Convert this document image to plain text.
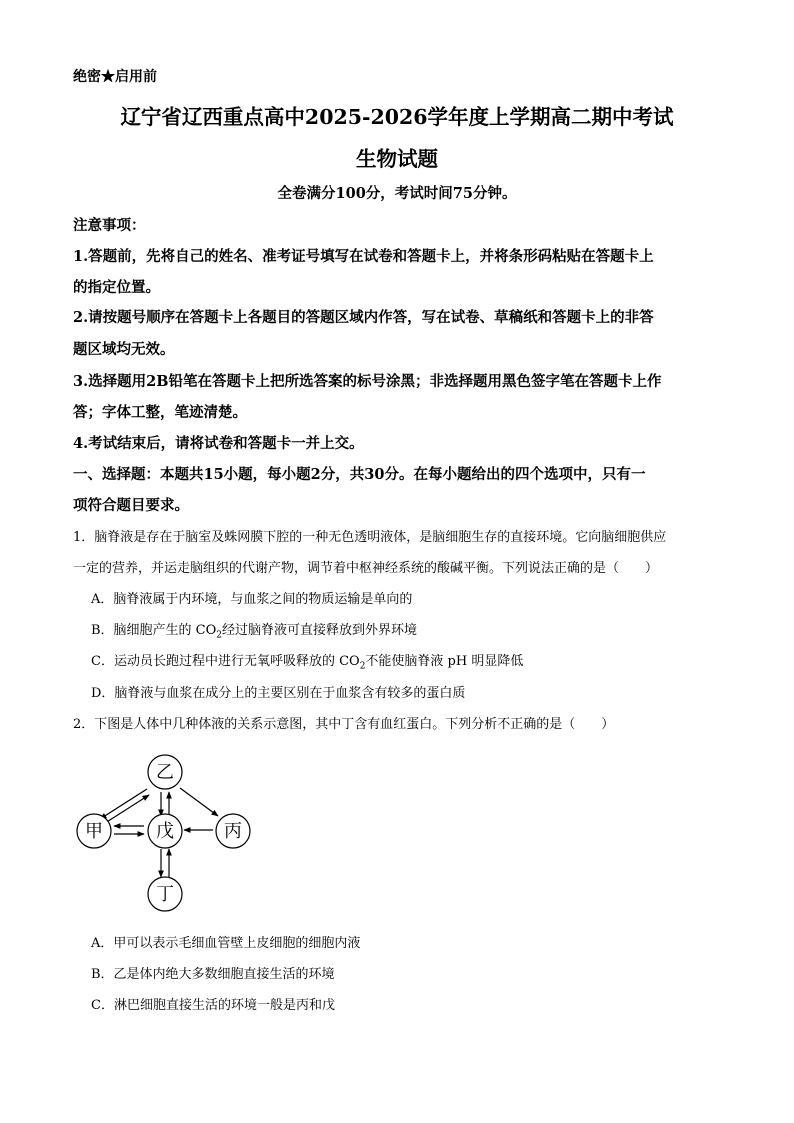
绝密★启用前
辽宁省辽西重点高中2025-2026学年度上学期高二期中考试
生物试题
全卷满分100分，考试时间75分钟。
注意事项：
1.答题前，先将自己的姓名、准考证号填写在试卷和答题卡上，并将条形码粘贴在答题卡上
的指定位置。
2.请按题号顺序在答题卡上各题目的答题区域内作答，写在试卷、草稿纸和答题卡上的非答
题区域均无效。
3.选择题用2B铅笔在答题卡上把所选答案的标号涂黑；非选择题用黑色签字笔在答题卡上作
答；字体工整，笔迹清楚。
4.考试结束后，请将试卷和答题卡一并上交。
一、选择题：本题共15小题，每小题2分，共30分。在每小题给出的四个选项中，只有一
项符合题目要求。
1．脑脊液是存在于脑室及蛛网膜下腔的一种无色透明液体，是脑细胞生存的直接环境。它向脑细胞供应
一定的营养，并运走脑组织的代谢产物，调节着中枢神经系统的酸碱平衡。下列说法正确的是（　　）
A．脑脊液属于内环境，与血浆之间的物质运输是单向的
B．脑细胞产生的 $CO_2$经过脑脊液可直接释放到外界环境
C．运动员长跑过程中进行无氧呼吸释放的 $CO_2$不能使脑脊液 pH 明显降低
D．脑脊液与血浆在成分上的主要区别在于血浆含有较多的蛋白质
2．下图是人体中几种体液的关系示意图，其中丁含有血红蛋白。下列分析不正确的是（　　）
乙
甲	戊	丙
丁
A．甲可以表示毛细血管壁上皮细胞的细胞内液
B．乙是体内绝大多数细胞直接生活的环境
C．淋巴细胞直接生活的环境一般是丙和戊
